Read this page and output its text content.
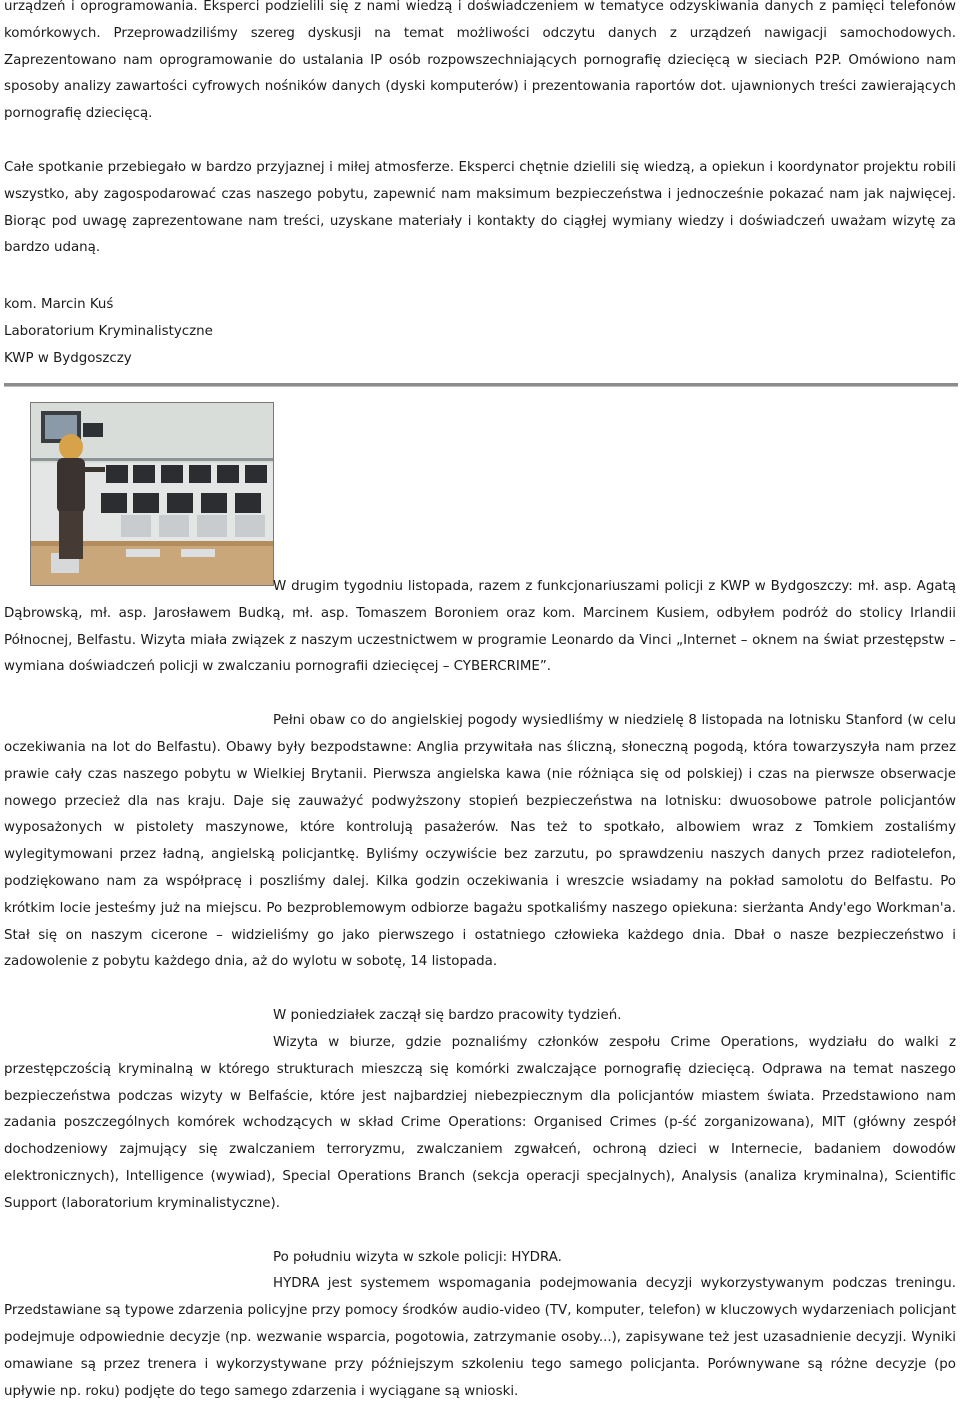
urządzeń i oprogramowania. Eksperci podzielili się z nami wiedzą i doświadczeniem w tematyce odzyskiwania danych z pamięci telefonów komórkowych. Przeprowadziliśmy szereg dyskusji na temat możliwości odczytu danych z urządzeń nawigacji samochodowych. Zaprezentowano nam oprogramowanie do ustalania IP osób rozpowszechniających pornografię dziecięcą w sieciach P2P. Omówiono nam sposoby analizy zawartości cyfrowych nośników danych (dyski komputerów) i prezentowania raportów dot. ujawnionych treści zawierających pornografię dziecięcą.

Całe spotkanie przebiegało w bardzo przyjaznej i miłej atmosferze. Eksperci chętnie dzielili się wiedzą, a opiekun i koordynator projektu robili wszystko, aby zagospodarować czas naszego pobytu, zapewnić nam maksimum bezpieczeństwa i jednocześnie pokazać nam jak najwięcej. Biorąc pod uwagę zaprezentowane nam treści, uzyskane materiały i kontakty do ciągłej wymiany wiedzy i doświadczeń uważam wizytę za bardzo udaną.

kom. Marcin Kuś

Laboratorium Kryminalistyczne

KWP w Bydgoszczy

W drugim tygodniu listopada, razem z funkcjonariuszami policji z KWP w Bydgoszczy: mł. asp. Agatą Dąbrowską, mł. asp. Jarosławem Budką, mł. asp. Tomaszem Boroniem oraz kom. Marcinem Kusiem, odbyłem podróż do stolicy Irlandii Północnej, Belfastu. Wizyta miała związek z naszym uczestnictwem w programie Leonardo da Vinci „Internet – oknem na świat przestępstw – wymiana doświadczeń policji w zwalczaniu pornografii dziecięcej – CYBERCRIME”.

Pełni obaw co do angielskiej pogody wysiedliśmy w niedzielę 8 listopada na lotnisku Stanford (w celu oczekiwania na lot do Belfastu). Obawy były bezpodstawne: Anglia przywitała nas śliczną, słoneczną pogodą, która towarzyszyła nam przez prawie cały czas naszego pobytu w Wielkiej Brytanii. Pierwsza angielska kawa (nie różniąca się od polskiej) i czas na pierwsze obserwacje nowego przecież dla nas kraju. Daje się zauważyć podwyższony stopień bezpieczeństwa na lotnisku: dwuosobowe patrole policjantów wyposażonych w pistolety maszynowe, które kontrolują pasażerów. Nas też to spotkało, albowiem wraz z Tomkiem zostaliśmy wylegitymowani przez ładną, angielską policjantkę. Byliśmy oczywiście bez zarzutu, po sprawdzeniu naszych danych przez radiotelefon, podziękowano nam za współpracę i poszliśmy dalej. Kilka godzin oczekiwania i wreszcie wsiadamy na pokład samolotu do Belfastu. Po krótkim locie jesteśmy już na miejscu. Po bezproblemowym odbiorze bagażu spotkaliśmy naszego opiekuna: sierżanta Andy'ego Workman'a. Stał się on naszym cicerone – widzieliśmy go jako pierwszego i ostatniego człowieka każdego dnia. Dbał o nasze bezpieczeństwo i zadowolenie z pobytu każdego dnia, aż do wylotu w sobotę, 14 listopada.

W poniedziałek zaczął się bardzo pracowity tydzień.

Wizyta w biurze, gdzie poznaliśmy członków zespołu Crime Operations, wydziału do walki z przestępczością kryminalną w którego strukturach mieszczą się komórki zwalczające pornografię dziecięcą. Odprawa na temat naszego bezpieczeństwa podczas wizyty w Belfaście, które jest najbardziej niebezpiecznym dla policjantów miastem świata. Przedstawiono nam zadania poszczególnych komórek wchodzących w skład Crime Operations: Organised Crimes (p-ść zorganizowana), MIT (główny zespół dochodzeniowy zajmujący się zwalczaniem terroryzmu, zwalczaniem zgwałceń, ochroną dzieci w Internecie, badaniem dowodów elektronicznych), Intelligence (wywiad), Special Operations Branch (sekcja operacji specjalnych), Analysis (analiza kryminalna), Scientific Support (laboratorium kryminalistyczne).

Po południu wizyta w szkole policji: HYDRA.

HYDRA jest systemem wspomagania podejmowania decyzji wykorzystywanym podczas treningu. Przedstawiane są typowe zdarzenia policyjne przy pomocy środków audio-video (TV, komputer, telefon) w kluczowych wydarzeniach policjant podejmuje odpowiednie decyzje (np. wezwanie wsparcia, pogotowia, zatrzymanie osoby...), zapisywane też jest uzasadnienie decyzji. Wyniki omawiane są przez trenera i wykorzystywane przy późniejszym szkoleniu tego samego policjanta. Porównywane są różne decyzje (po upływie np. roku) podjęte do tego samego zdarzenia i wyciągane są wnioski.
